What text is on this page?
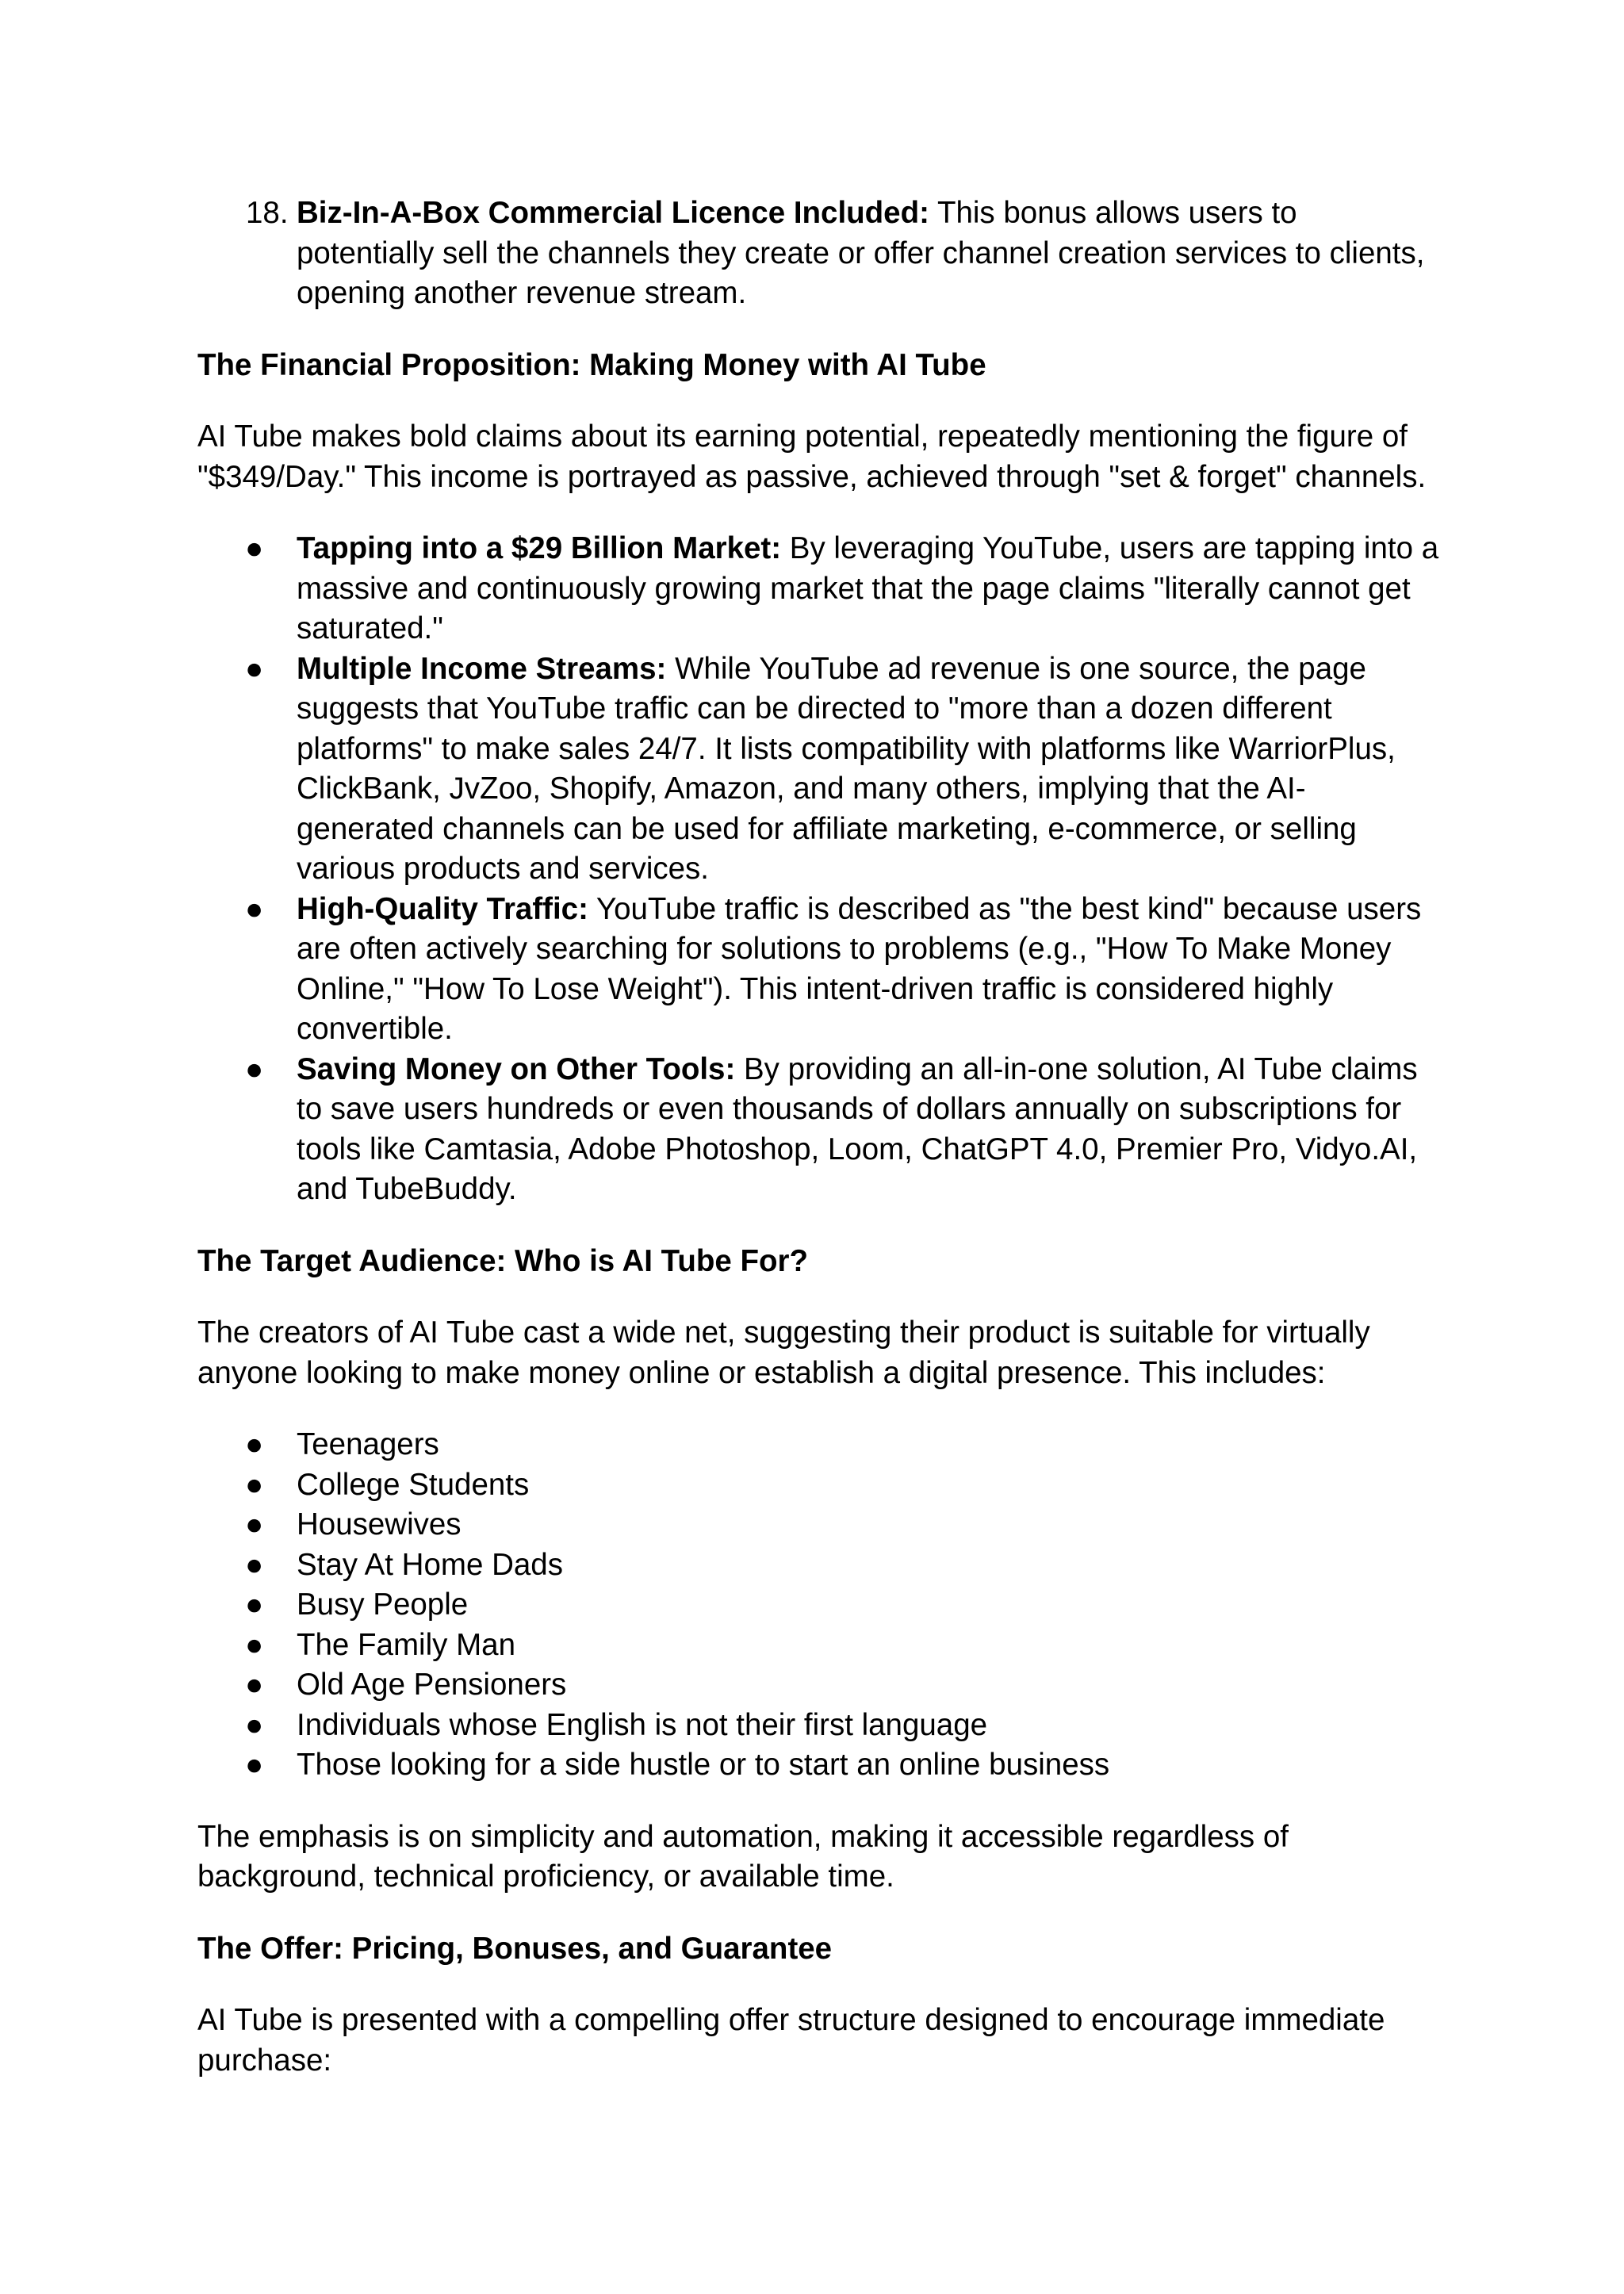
18. Biz-In-A-Box Commercial Licence Included: This bonus allows users to potentially sell the channels they create or offer channel creation services to clients, opening another revenue stream.
The Financial Proposition: Making Money with AI Tube
AI Tube makes bold claims about its earning potential, repeatedly mentioning the figure of "$349/Day." This income is portrayed as passive, achieved through "set & forget" channels.
● Tapping into a $29 Billion Market: By leveraging YouTube, users are tapping into a massive and continuously growing market that the page claims "literally cannot get saturated."
● Multiple Income Streams: While YouTube ad revenue is one source, the page suggests that YouTube traffic can be directed to "more than a dozen different platforms" to make sales 24/7. It lists compatibility with platforms like WarriorPlus, ClickBank, JvZoo, Shopify, Amazon, and many others, implying that the AI-generated channels can be used for affiliate marketing, e-commerce, or selling various products and services.
● High-Quality Traffic: YouTube traffic is described as "the best kind" because users are often actively searching for solutions to problems (e.g., "How To Make Money Online," "How To Lose Weight"). This intent-driven traffic is considered highly convertible.
● Saving Money on Other Tools: By providing an all-in-one solution, AI Tube claims to save users hundreds or even thousands of dollars annually on subscriptions for tools like Camtasia, Adobe Photoshop, Loom, ChatGPT 4.0, Premier Pro, Vidyo.AI, and TubeBuddy.
The Target Audience: Who is AI Tube For?
The creators of AI Tube cast a wide net, suggesting their product is suitable for virtually anyone looking to make money online or establish a digital presence. This includes:
● Teenagers
● College Students
● Housewives
● Stay At Home Dads
● Busy People
● The Family Man
● Old Age Pensioners
● Individuals whose English is not their first language
● Those looking for a side hustle or to start an online business
The emphasis is on simplicity and automation, making it accessible regardless of background, technical proficiency, or available time.
The Offer: Pricing, Bonuses, and Guarantee
AI Tube is presented with a compelling offer structure designed to encourage immediate purchase:
